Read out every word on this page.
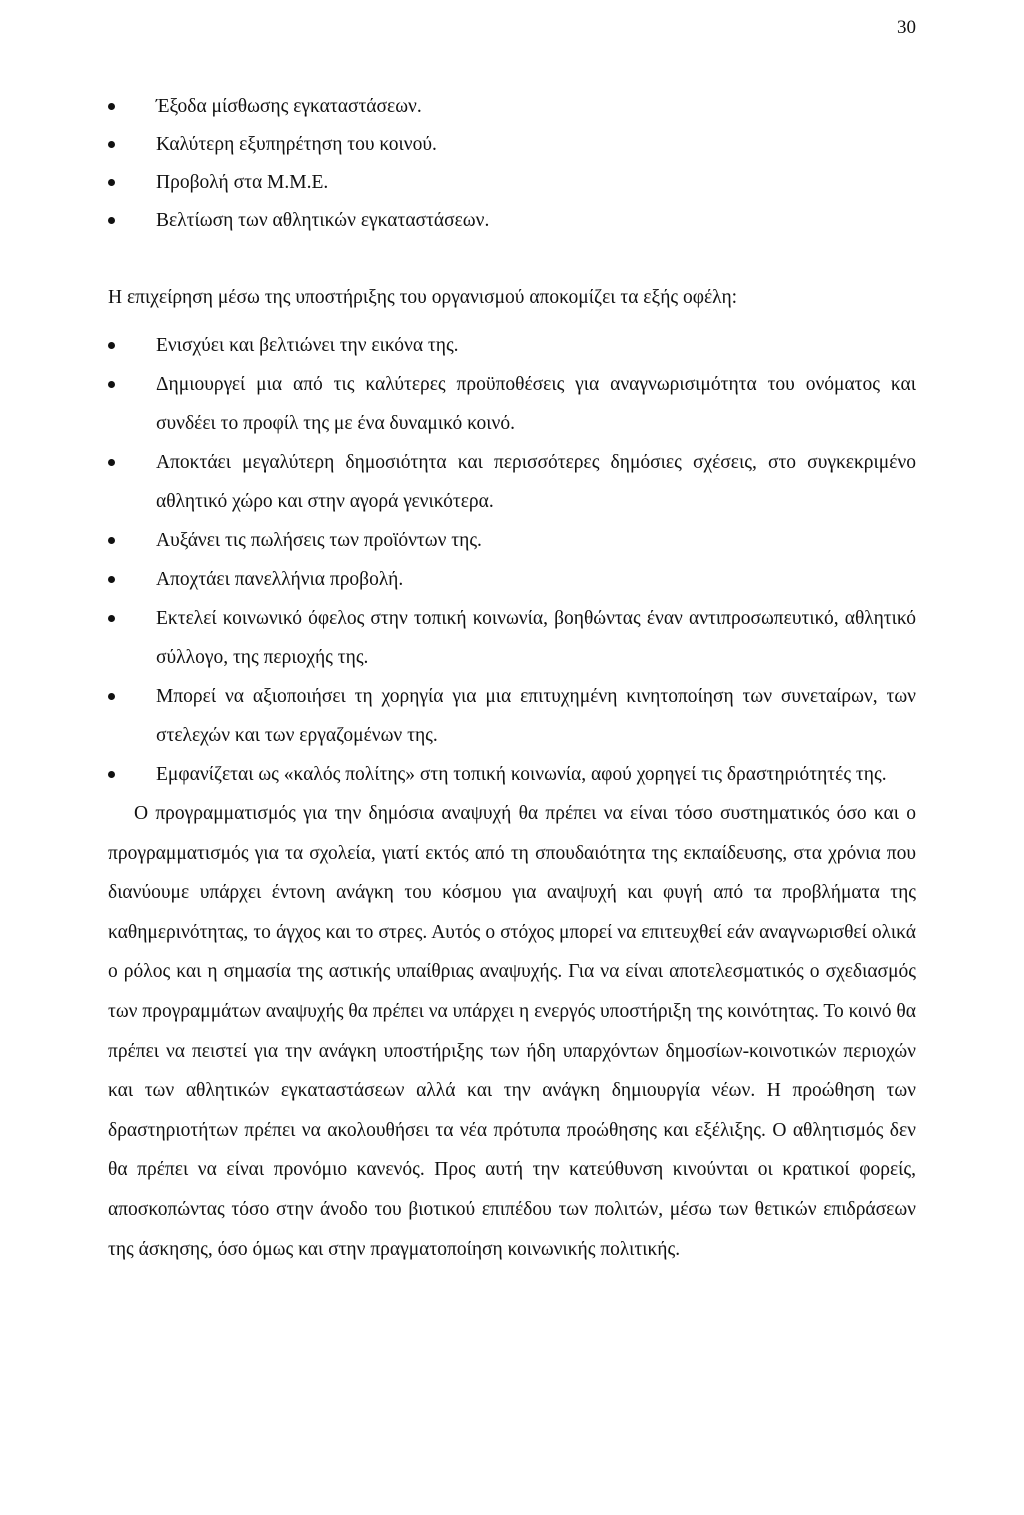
30
Έξοδα μίσθωσης εγκαταστάσεων.
Καλύτερη εξυπηρέτηση του κοινού.
Προβολή στα Μ.Μ.Ε.
Βελτίωση των αθλητικών εγκαταστάσεων.

Η επιχείρηση μέσω της υποστήριξης του οργανισμού αποκομίζει τα εξής οφέλη:

Ενισχύει και βελτιώνει την εικόνα της.
Δημιουργεί μια από τις καλύτερες προϋποθέσεις για αναγνωρισιμότητα του ονόματος και συνδέει το προφίλ της με ένα δυναμικό κοινό.
Αποκτάει μεγαλύτερη δημοσιότητα και περισσότερες δημόσιες σχέσεις, στο συγκεκριμένο αθλητικό χώρο και στην αγορά γενικότερα.
Αυξάνει τις πωλήσεις των προϊόντων της.
Αποχτάει πανελλήνια προβολή.
Εκτελεί κοινωνικό όφελος στην τοπική κοινωνία, βοηθώντας έναν αντιπροσωπευτικό, αθλητικό σύλλογο, της περιοχής της.
Μπορεί να αξιοποιήσει τη χορηγία για μια επιτυχημένη κινητοποίηση των συνεταίρων, των στελεχών και των εργαζομένων της.
Εμφανίζεται ως «καλός πολίτης» στη τοπική κοινωνία, αφού χορηγεί τις δραστηριότητές της.

Ο προγραμματισμός για την δημόσια αναψυχή θα πρέπει να είναι τόσο συστηματικός όσο και ο προγραμματισμός για τα σχολεία, γιατί εκτός από τη σπουδαιότητα της εκπαίδευσης, στα χρόνια που διανύουμε υπάρχει έντονη ανάγκη του κόσμου για αναψυχή και φυγή από τα προβλήματα της καθημερινότητας, το άγχος και το στρες. Αυτός ο στόχος μπορεί να επιτευχθεί εάν αναγνωρισθεί ολικά ο ρόλος και η σημασία της αστικής υπαίθριας αναψυχής. Για να είναι αποτελεσματικός ο σχεδιασμός των προγραμμάτων αναψυχής θα πρέπει να υπάρχει η ενεργός υποστήριξη της κοινότητας. Το κοινό θα πρέπει να πειστεί για την ανάγκη υποστήριξης των ήδη υπαρχόντων δημοσίων-κοινοτικών περιοχών και των αθλητικών εγκαταστάσεων αλλά και την ανάγκη δημιουργία νέων. Η προώθηση των δραστηριοτήτων πρέπει να ακολουθήσει τα νέα πρότυπα προώθησης και εξέλιξης. Ο αθλητισμός δεν θα πρέπει να είναι προνόμιο κανενός. Προς αυτή την κατεύθυνση κινούνται οι κρατικοί φορείς, αποσκοπώντας τόσο στην άνοδο του βιοτικού επιπέδου των πολιτών, μέσω των θετικών επιδράσεων της άσκησης, όσο όμως και στην πραγματοποίηση κοινωνικής πολιτικής.
